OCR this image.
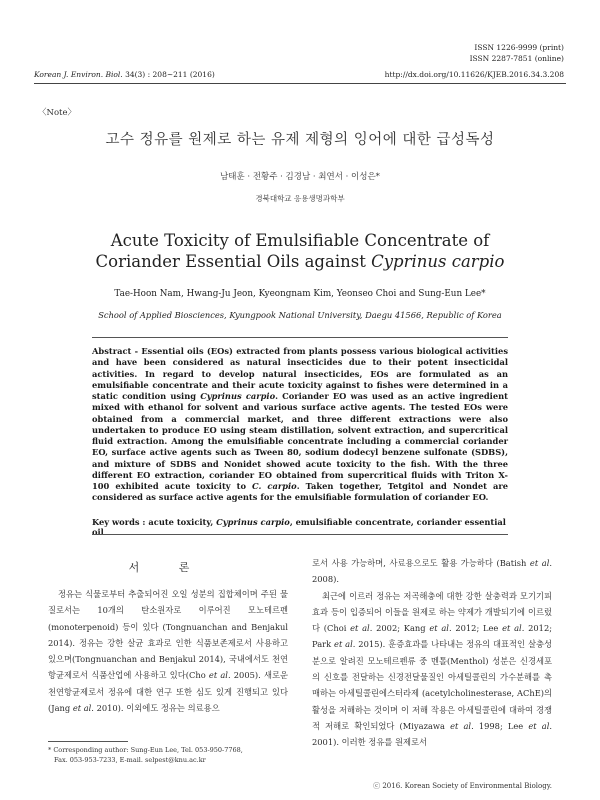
ISSN 1226-9999 (print)
ISSN 2287-7851 (online)
Korean J. Environ. Biol. 34(3) : 208~211 (2016)	http://dx.doi.org/10.11626/KJEB.2016.34.3.208
〈Note〉
고수 정유를 원제로 하는 유제 제형의 잉어에 대한 급성독성
남태훈 · 전황주 · 김경남 · 최연서 · 이성은*
경북대학교 응용생명과학부
Acute Toxicity of Emulsifiable Concentrate of
Coriander Essential Oils against Cyprinus carpio
Tae-Hoon Nam, Hwang-Ju Jeon, Kyeongnam Kim, Yeonseo Choi and Sung-Eun Lee*
School of Applied Biosciences, Kyungpook National University, Daegu 41566, Republic of Korea
Abstract - Essential oils (EOs) extracted from plants possess various biological activities and have been considered as natural insecticides due to their potent insecticidal activities. In regard to develop natural insecticides, EOs are formulated as an emulsifiable concentrate and their acute toxicity against to fishes were determined in a static condition using Cyprinus carpio. Coriander EO was used as an active ingredient mixed with ethanol for solvent and various surface active agents. The tested EOs were obtained from a commercial market, and three different extractions were also undertaken to produce EO using steam distillation, solvent extraction, and supercritical fluid extraction. Among the emulsifiable concentrate including a commercial coriander EO, surface active agents such as Tween 80, sodium dodecyl benzene sulfonate (SDBS), and mixture of SDBS and Nonidet showed acute toxicity to the fish. With the three different EO extraction, coriander EO obtained from supercritical fluids with Triton X-100 exhibited acute toxicity to C. carpio. Taken together, Tetgitol and Nondet are considered as surface active agents for the emulsifiable formulation of coriander EO.
Key words : acute toxicity, Cyprinus carpio, emulsifiable concentrate, coriander essential oil
서 론
정유는 식물로부터 추출되어진 오일 성분의 집합체이며 주된 물질로서는 10개의 탄소원자로 이루어진 모노테르펜 (monoterpenoid) 등이 있다 (Tongnuanchan and Benjakul 2014). 정유는 강한 살균 효과로 인한 식품보존제로서 사용하고 있으며(Tongnuanchan and Benjakul 2014), 국내에서도 천연항균제로서 식품산업에 사용하고 있다(Cho et al. 2005). 새로운 천연항균제로서 정유에 대한 연구 또한 심도 있게 진행되고 있다 (Jang et al. 2010). 이외에도 정유는 의료용으
로서 사용 가능하며, 사료용으로도 활용 가능하다 (Batish et al. 2008).
최근에 이르러 정유는 저곡해충에 대한 강한 살충력과 모기기피 효과 등이 입증되어 이들을 원제로 하는 약제가 개발되기에 이르렀다 (Choi et al. 2002; Kang et al. 2012; Lee et al. 2012; Park et al. 2015). 훈증효과를 나타내는 정유의 대표적인 살충성분으로 알려진 모노테르펜류 중 멘톨(Menthol) 성분은 신경세포의 신호를 전달하는 신경전달물질인 아세틸콜린의 가수분해를 촉매하는 아세틸콜린에스터라제 (acetylcholinesterase, AChE)의 활성을 저해하는 것이며 이 저해 작용은 아세틸콜린에 대하여 경쟁적 저해로 확인되었다 (Miyazawa et al. 1998; Lee et al. 2001). 이러한 정유를 원제로서
* Corresponding author: Sung-Eun Lee, Tel. 053-950-7768,
Fax. 053-953-7233, E-mail. selpest@knu.ac.kr
ⓒ 2016. Korean Society of Environmental Biology.
